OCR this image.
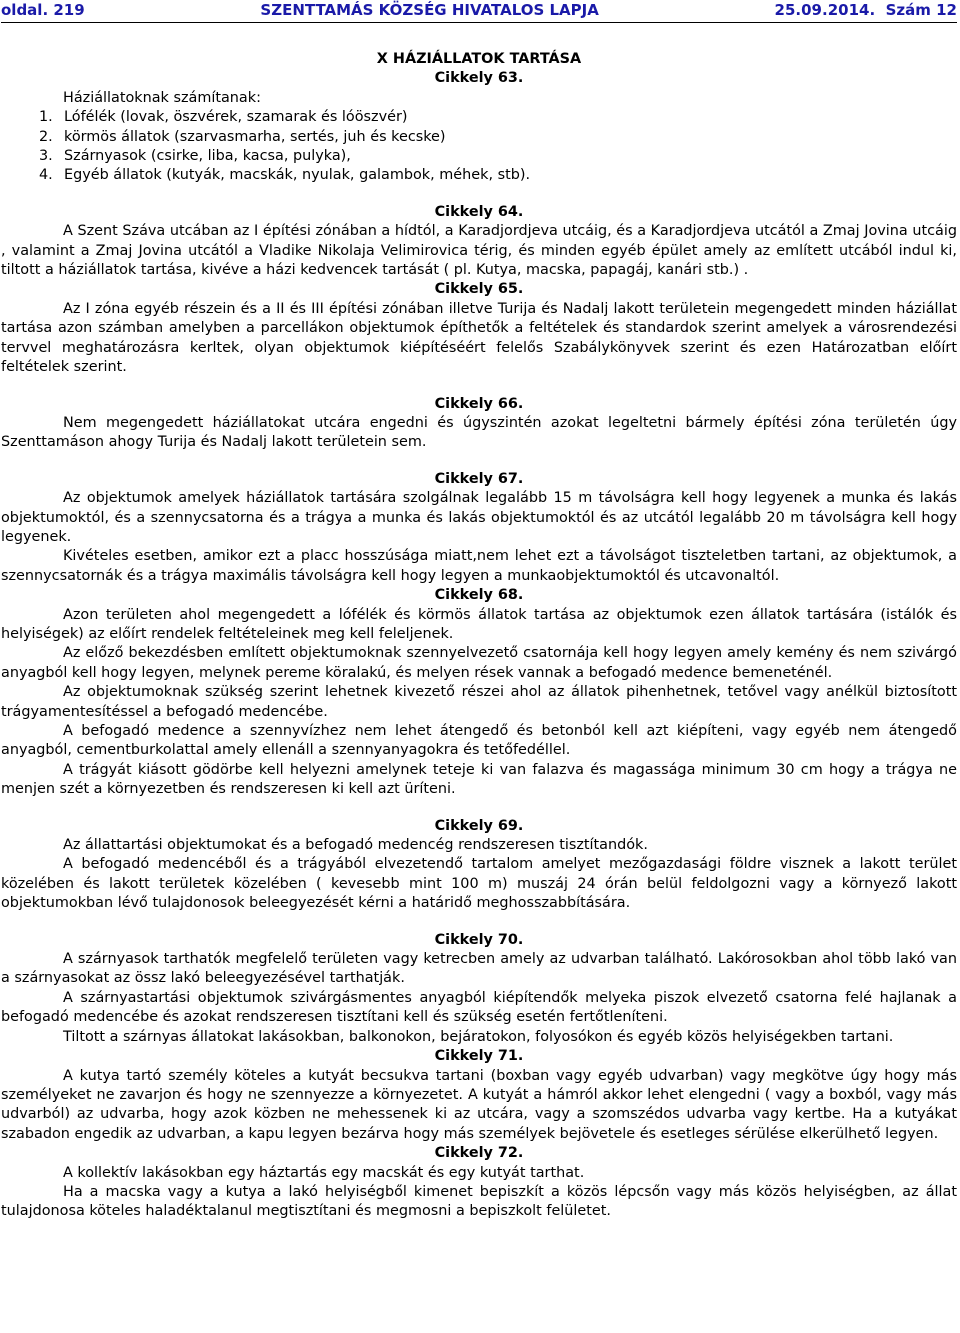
oldal. 219	SZENTTAMÁS KÖZSÉG HIVATALOS LAPJA	25.09.2014. Szám 12
X HÁZIÁLLATOK TARTÁSA
Cikkely 63.
Háziállatoknak számítanak:
1. Lófélék (lovak, öszvérek, szamarak és lóöszvér)
2. körmös állatok (szarvasmarha, sertés, juh és kecske)
3. Szárnyasok (csirke, liba, kacsa, pulyka),
4. Egyéb állatok (kutyák, macskák, nyulak, galambok, méhek, stb).
Cikkely 64.

A Szent Száva utcában az I építési zónában a hídtól, a Karadjordjeva utcáig, és a Karadjordjeva utcától a Zmaj Jovina utcáig , valamint a Zmaj Jovina utcától a Vladike Nikolaja Velimirovica térig, és minden egyéb épület amely az említett utcából indul ki, tiltott a háziállatok tartása, kivéve a házi kedvencek tartását ( pl. Kutya, macska, papagáj, kanári stb.) .

Cikkely 65.

Az I zóna egyéb részein és a II és III építési zónában illetve Turija és Nadalj lakott területein megengedett minden háziállat tartása azon számban amelyben a parcellákon objektumok építhetők a feltételek és standardok szerint amelyek a városrendezési tervvel meghatározásra kerltek, olyan objektumok kiépítéséért felelős Szabálykönyvek szerint és ezen Határozatban előírt feltételek szerint.

Cikkely 66.

Nem megengedett háziállatokat utcára engedni és úgyszintén azokat legeltetni bármely építési zóna területén úgy Szenttamáson ahogy Turija és Nadalj lakott területein sem.

Cikkely 67.

Az objektumok amelyek háziállatok tartására szolgálnak legalább 15 m távolságra kell hogy legyenek a munka és lakás objektumoktól, és a szennycsatorna és a trágya a munka és lakás objektumoktól és az utcától legalább 20 m távolságra kell hogy legyenek.

Kivételes esetben, amikor ezt a placc hosszúsága miatt,nem lehet ezt a távolságot tiszteletben tartani, az objektumok, a szennycsatornák és a trágya maximális távolságra kell hogy legyen a munkaobjektumoktól és utcavonaltól.

Cikkely 68.

Azon területen ahol megengedett a lófélék és körmös állatok tartása az objektumok ezen állatok tartására (istálók és helyiségek) az előírt rendelek feltételeinek meg kell feleljenek.

Az előző bekezdésben említett objektumoknak szennyelvezető csatornája kell hogy legyen amely kemény és nem szivárgó anyagból kell hogy legyen, melynek pereme köralakú, és melyen rések vannak a befogadó medence bemeneténél.

Az objektumoknak szükség szerint lehetnek kivezető részei ahol az állatok pihenhetnek, tetővel vagy anélkül biztosított trágyamentesítéssel a befogadó medencébe.

A befogadó medence a szennyvízhez nem lehet átengedő és betonból kell azt kiépíteni, vagy egyéb nem átengedő anyagból, cementburkolattal amely ellenáll a szennyanyagokra és tetőfedéllel.

A trágyát kiásott gödörbe kell helyezni amelynek teteje ki van falazva és magassága minimum 30 cm hogy a trágya ne menjen szét a környezetben és rendszeresen ki kell azt üríteni.

Cikkely 69.

Az állattartási objektumokat és a befogadó medencég rendszeresen tisztítandók.

A befogadó medencéből és a trágyából elvezetendő tartalom amelyet mezőgazdasági földre visznek a lakott terület közelében és lakott területek közelében ( kevesebb mint 100 m) muszáj 24 órán belül feldolgozni vagy a környező lakott objektumokban lévő tulajdonosok beleegyezését kérni a határidő meghosszabbítására.

Cikkely 70.

A szárnyasok tarthatók megfelelő területen vagy ketrecben amely az udvarban található. Lakórosokban ahol több lakó van a szárnyasokat az össz lakó beleegyezésével tarthatják.

A szárnyastartási objektumok szivárgásmentes anyagból kiépítendők melyeka piszok elvezető csatorna felé hajlanak a befogadó medencébe és azokat rendszeresen tisztítani kell és szükség esetén fertőtleníteni.

Tiltott a szárnyas állatokat lakásokban, balkonokon, bejáratokon, folyosókon és egyéb közös helyiségekben tartani.

Cikkely 71.

A kutya tartó személy köteles a kutyát becsukva tartani (boxban vagy egyéb udvarban) vagy megkötve úgy hogy más személyeket ne zavarjon és hogy ne szennyezze a környezetet. A kutyát a hámról akkor lehet elengedni ( vagy a boxból, vagy más udvarból) az udvarba, hogy azok közben ne mehessenek ki az utcára, vagy a szomszédos udvarba vagy kertbe. Ha a kutyákat szabadon engedik az udvarban, a kapu legyen bezárva hogy más személyek bejövetele és esetleges sérülése elkerülhető legyen.

Cikkely 72.

A kollektív lakásokban egy háztartás egy macskát és egy kutyát tarthat.

Ha a macska vagy a kutya a lakó helyiségből kimenet bepiszkít a közös lépcsőn vagy más közös helyiségben, az állat tulajdonosa köteles haladéktalanul megtisztítani és megmosni a bepiszkolt felületet.
